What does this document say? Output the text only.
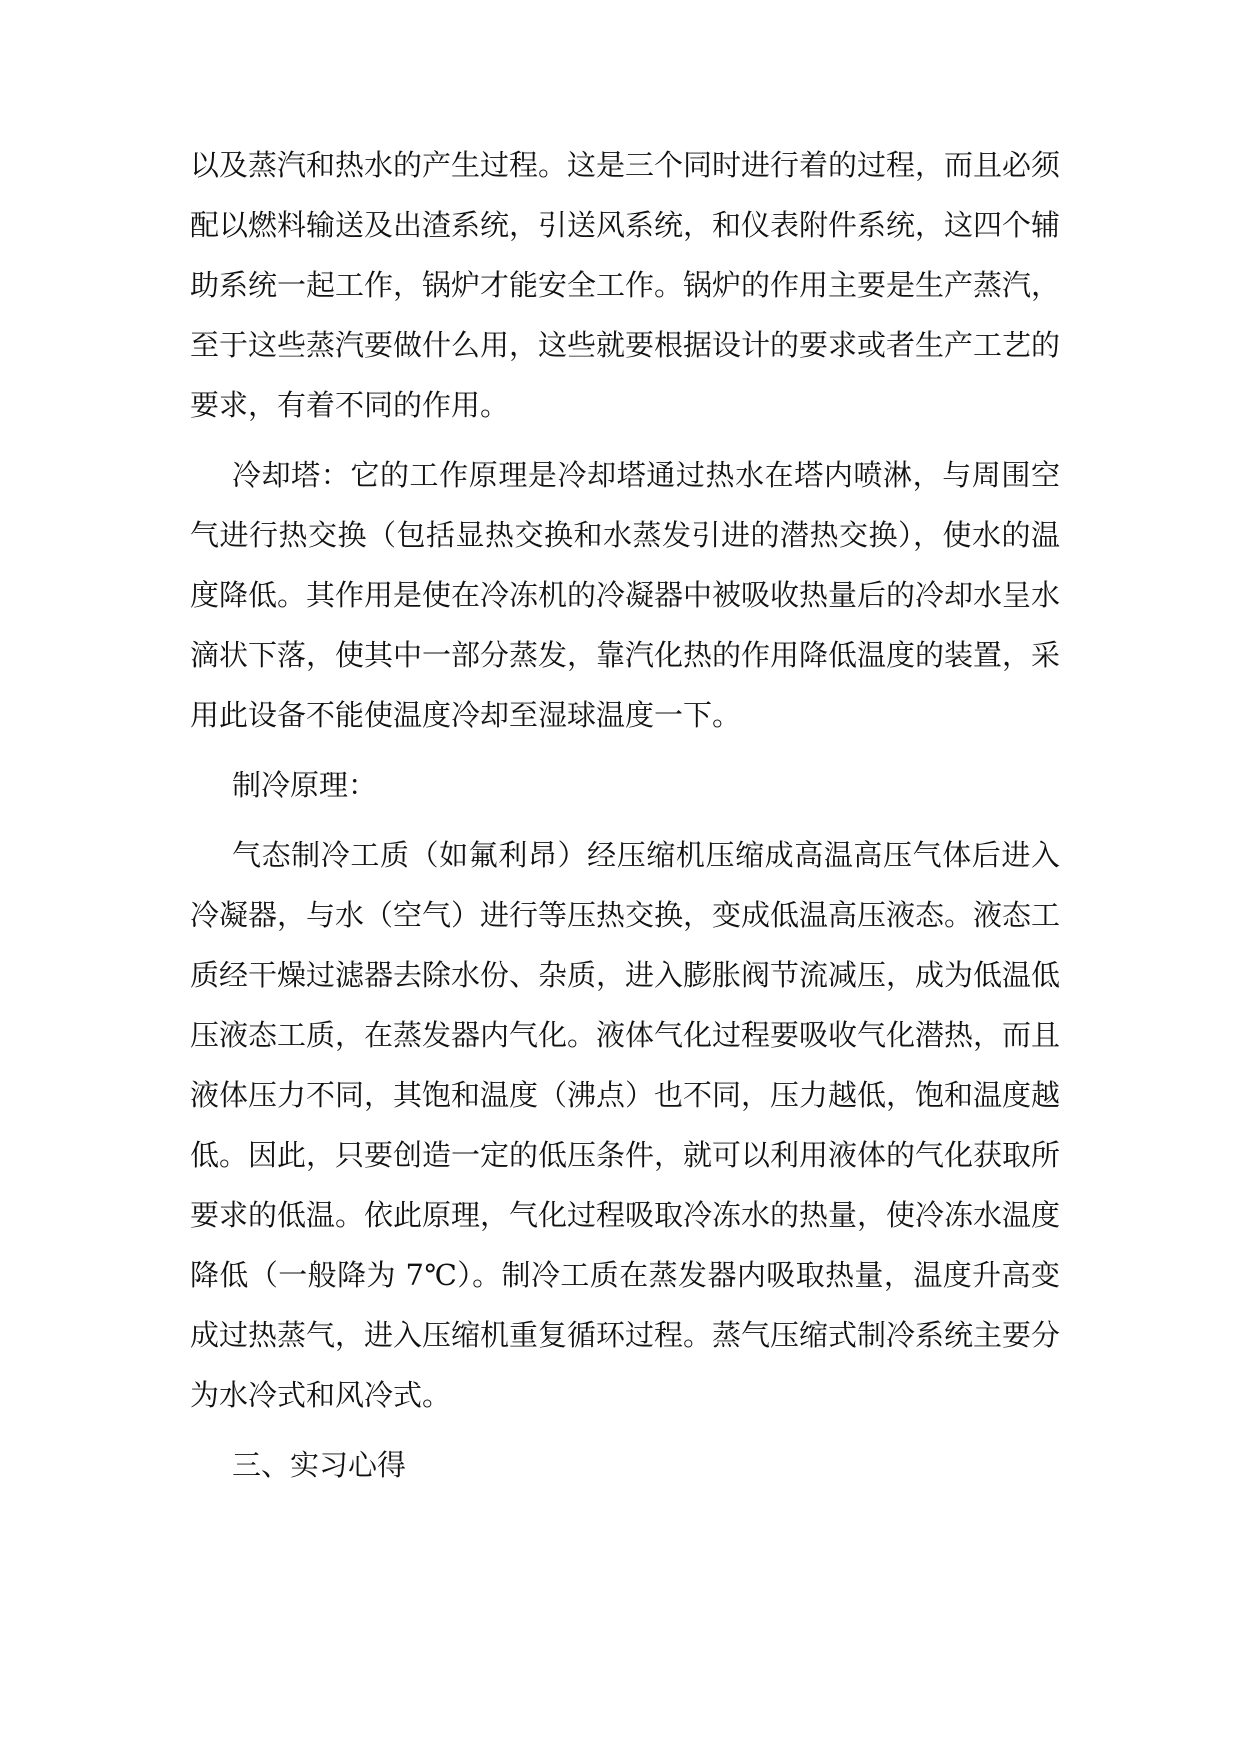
以及蒸汽和热水的产生过程。这是三个同时进行着的过程，而且必须
配以燃料输送及出渣系统，引送风系统，和仪表附件系统，这四个辅
助系统一起工作，锅炉才能安全工作。锅炉的作用主要是生产蒸汽，
至于这些蒸汽要做什么用，这些就要根据设计的要求或者生产工艺的
要求，有着不同的作用。
冷却塔：它的工作原理是冷却塔通过热水在塔内喷淋，与周围空
气进行热交换（包括显热交换和水蒸发引进的潜热交换），使水的温
度降低。其作用是使在冷冻机的冷凝器中被吸收热量后的冷却水呈水
滴状下落，使其中一部分蒸发，靠汽化热的作用降低温度的装置，采
用此设备不能使温度冷却至湿球温度一下。
制冷原理：
气态制冷工质（如氟利昂）经压缩机压缩成高温高压气体后进入
冷凝器，与水（空气）进行等压热交换，变成低温高压液态。液态工
质经干燥过滤器去除水份、杂质，进入膨胀阀节流减压，成为低温低
压液态工质，在蒸发器内气化。液体气化过程要吸收气化潜热，而且
液体压力不同，其饱和温度（沸点）也不同，压力越低，饱和温度越
低。因此，只要创造一定的低压条件，就可以利用液体的气化获取所
要求的低温。依此原理，气化过程吸取冷冻水的热量，使冷冻水温度
降低（一般降为 7℃）。制冷工质在蒸发器内吸取热量，温度升高变
成过热蒸气，进入压缩机重复循环过程。蒸气压缩式制冷系统主要分
为水冷式和风冷式。
三、实习心得
